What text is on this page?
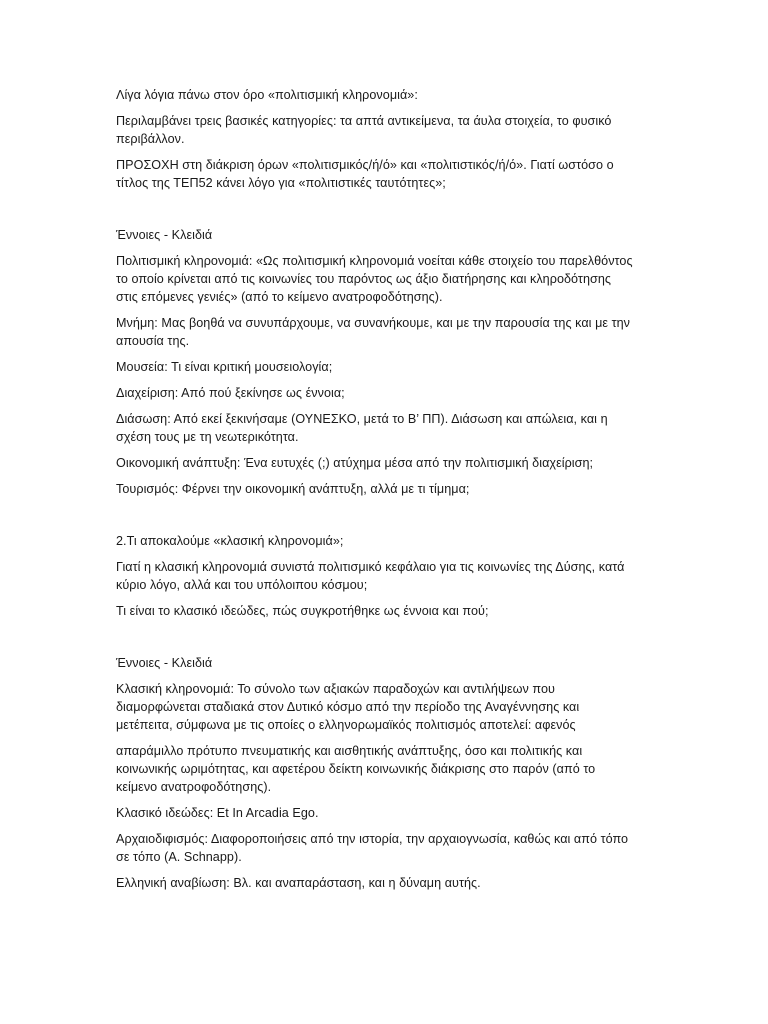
Λίγα λόγια πάνω στον όρο «πολιτισμική κληρονομιά»:

Περιλαμβάνει τρεις βασικές κατηγορίες: τα απτά αντικείμενα, τα άυλα στοιχεία, το φυσικό περιβάλλον.

ΠΡΟΣΟΧΗ στη διάκριση όρων «πολιτισμικός/ή/ό» και «πολιτιστικός/ή/ό». Γιατί ωστόσο ο τίτλος της ΤΕΠ52 κάνει λόγο για «πολιτιστικές ταυτότητες»;

Έννοιες - Κλειδιά

Πολιτισμική κληρονομιά: «Ως πολιτισμική κληρονομιά νοείται κάθε στοιχείο του παρελθόντος το οποίο κρίνεται από τις κοινωνίες του παρόντος ως άξιο διατήρησης και κληροδότησης στις επόμενες γενιές» (από το κείμενο ανατροφοδότησης).

Μνήμη: Μας βοηθά να συνυπάρχουμε, να συνανήκουμε, και με την παρουσία της και με την απουσία της.

Μουσεία: Τι είναι κριτική μουσειολογία;

Διαχείριση: Από πού ξεκίνησε ως έννοια;

Διάσωση: Από εκεί ξεκινήσαμε (ΟΥΝΕΣΚΟ, μετά το Β’ ΠΠ). Διάσωση και απώλεια, και η σχέση τους με τη νεωτερικότητα.

Οικονομική ανάπτυξη: Ένα ευτυχές (;) ατύχημα μέσα από την πολιτισμική διαχείριση;

Τουρισμός: Φέρνει την οικονομική ανάπτυξη, αλλά με τι τίμημα;

2.Τι αποκαλούμε «κλασική κληρονομιά»;

Γιατί η κλασική κληρονομιά συνιστά πολιτισμικό κεφάλαιο για τις κοινωνίες της Δύσης, κατά κύριο λόγο, αλλά και του υπόλοιπου κόσμου;

Τι είναι το κλασικό ιδεώδες, πώς συγκροτήθηκε ως έννοια και πού;

Έννοιες - Κλειδιά

Κλασική κληρονομιά: Το σύνολο των αξιακών παραδοχών και αντιλήψεων που διαμορφώνεται σταδιακά στον Δυτικό κόσμο από την περίοδο της Αναγέννησης και μετέπειτα, σύμφωνα με τις οποίες ο ελληνορωμαϊκός πολιτισμός αποτελεί: αφενός

απαράμιλλο πρότυπο πνευματικής και αισθητικής ανάπτυξης, όσο και πολιτικής και κοινωνικής ωριμότητας, και αφετέρου δείκτη κοινωνικής διάκρισης στο παρόν (από το κείμενο ανατροφοδότησης).

Κλασικό ιδεώδες: Et In Arcadia Ego.

Αρχαιοδιφισμός: Διαφοροποιήσεις από την ιστορία, την αρχαιογνωσία, καθώς και από τόπο σε τόπο (A. Schnapp).

Ελληνική αναβίωση: Βλ. και αναπαράσταση, και η δύναμη αυτής.
